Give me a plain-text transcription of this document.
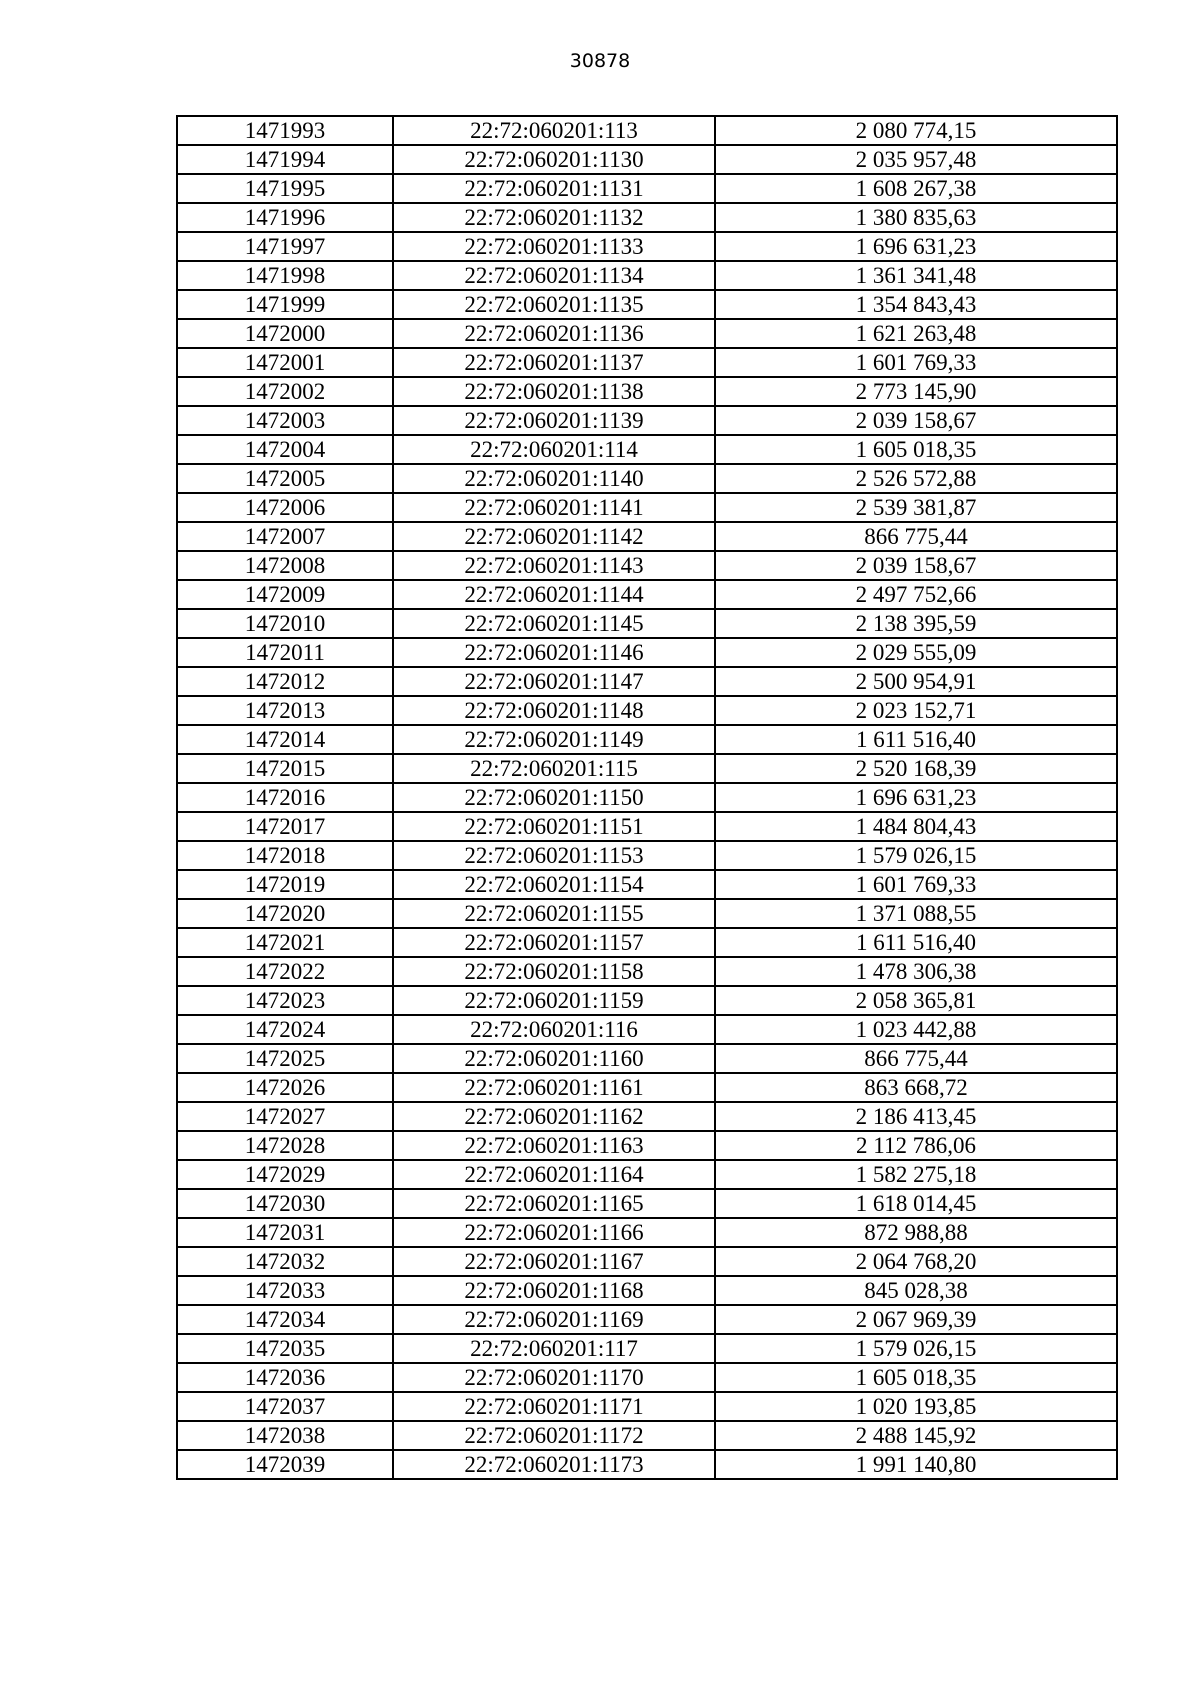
30878
1471993	22:72:060201:113	2 080 774,15
1471994	22:72:060201:1130	2 035 957,48
1471995	22:72:060201:1131	1 608 267,38
1471996	22:72:060201:1132	1 380 835,63
1471997	22:72:060201:1133	1 696 631,23
1471998	22:72:060201:1134	1 361 341,48
1471999	22:72:060201:1135	1 354 843,43
1472000	22:72:060201:1136	1 621 263,48
1472001	22:72:060201:1137	1 601 769,33
1472002	22:72:060201:1138	2 773 145,90
1472003	22:72:060201:1139	2 039 158,67
1472004	22:72:060201:114	1 605 018,35
1472005	22:72:060201:1140	2 526 572,88
1472006	22:72:060201:1141	2 539 381,87
1472007	22:72:060201:1142	866 775,44
1472008	22:72:060201:1143	2 039 158,67
1472009	22:72:060201:1144	2 497 752,66
1472010	22:72:060201:1145	2 138 395,59
1472011	22:72:060201:1146	2 029 555,09
1472012	22:72:060201:1147	2 500 954,91
1472013	22:72:060201:1148	2 023 152,71
1472014	22:72:060201:1149	1 611 516,40
1472015	22:72:060201:115	2 520 168,39
1472016	22:72:060201:1150	1 696 631,23
1472017	22:72:060201:1151	1 484 804,43
1472018	22:72:060201:1153	1 579 026,15
1472019	22:72:060201:1154	1 601 769,33
1472020	22:72:060201:1155	1 371 088,55
1472021	22:72:060201:1157	1 611 516,40
1472022	22:72:060201:1158	1 478 306,38
1472023	22:72:060201:1159	2 058 365,81
1472024	22:72:060201:116	1 023 442,88
1472025	22:72:060201:1160	866 775,44
1472026	22:72:060201:1161	863 668,72
1472027	22:72:060201:1162	2 186 413,45
1472028	22:72:060201:1163	2 112 786,06
1472029	22:72:060201:1164	1 582 275,18
1472030	22:72:060201:1165	1 618 014,45
1472031	22:72:060201:1166	872 988,88
1472032	22:72:060201:1167	2 064 768,20
1472033	22:72:060201:1168	845 028,38
1472034	22:72:060201:1169	2 067 969,39
1472035	22:72:060201:117	1 579 026,15
1472036	22:72:060201:1170	1 605 018,35
1472037	22:72:060201:1171	1 020 193,85
1472038	22:72:060201:1172	2 488 145,92
1472039	22:72:060201:1173	1 991 140,80
